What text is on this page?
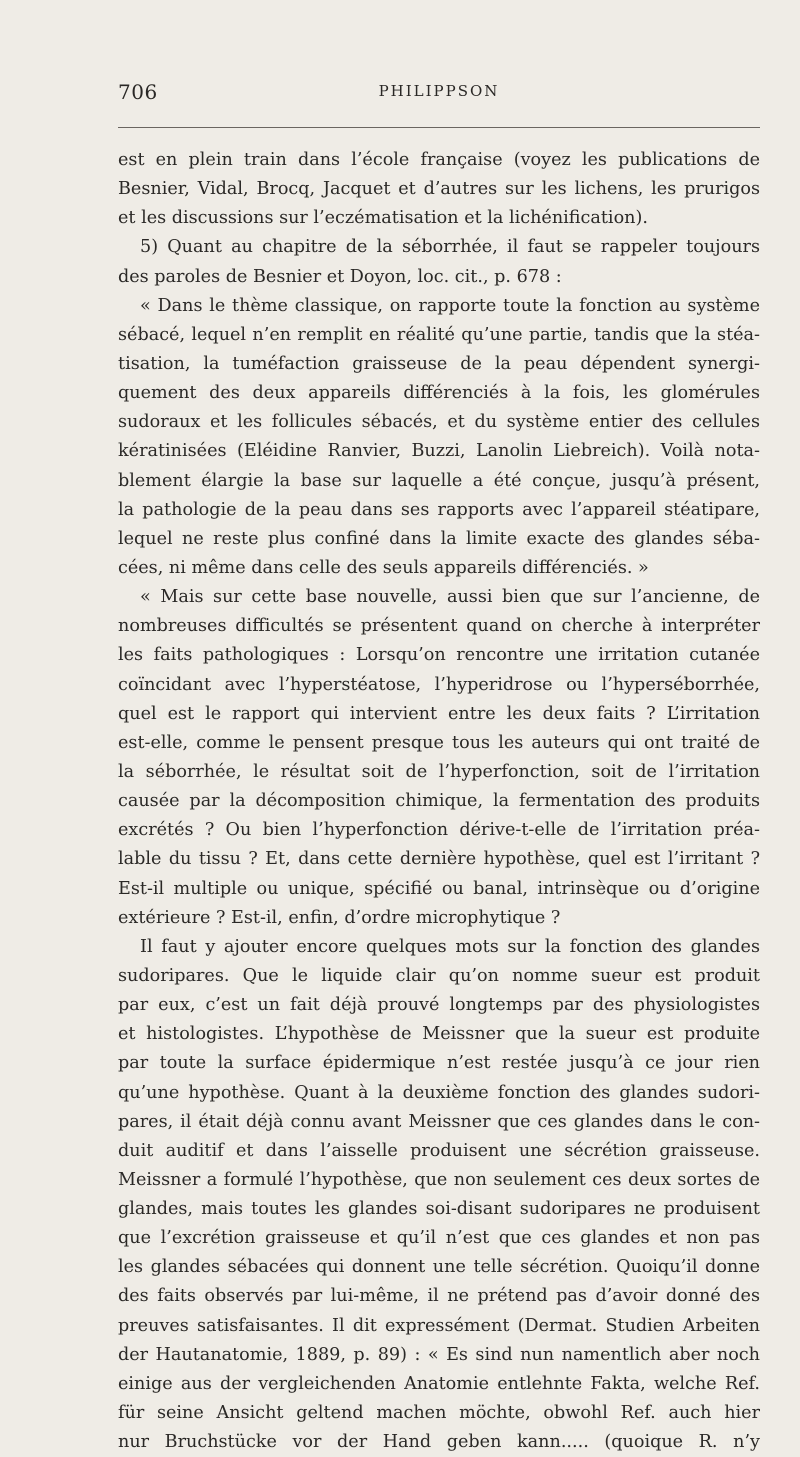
706	PHILIPPSON
est en plein train dans l’école française (voyez les publications de
Besnier, Vidal, Brocq, Jacquet et d’autres sur les lichens, les prurigos
et les discussions sur l’eczématisation et la lichénification).
5) Quant au chapitre de la séborrhée, il faut se rappeler toujours
des paroles de Besnier et Doyon, loc. cit., p. 678 :
« Dans le thème classique, on rapporte toute la fonction au système
sébacé, lequel n’en remplit en réalité qu’une partie, tandis que la stéa-
tisation, la tuméfaction graisseuse de la peau dépendent synergi-
quement des deux appareils différenciés à la fois, les glomérules
sudoraux et les follicules sébacés, et du système entier des cellules
kératinisées (Eléidine Ranvier, Buzzi, Lanolin Liebreich). Voilà nota-
blement élargie la base sur laquelle a été conçue, jusqu’à présent,
la pathologie de la peau dans ses rapports avec l’appareil stéatipare,
lequel ne reste plus confiné dans la limite exacte des glandes séba-
cées, ni même dans celle des seuls appareils différenciés. »
« Mais sur cette base nouvelle, aussi bien que sur l’ancienne, de
nombreuses difficultés se présentent quand on cherche à interpréter
les faits pathologiques : Lorsqu’on rencontre une irritation cutanée
coïncidant avec l’hyperstéatose, l’hyperidrose ou l’hyperséborrhée,
quel est le rapport qui intervient entre les deux faits ? L’irritation
est-elle, comme le pensent presque tous les auteurs qui ont traité de
la séborrhée, le résultat soit de l’hyperfonction, soit de l’irritation
causée par la décomposition chimique, la fermentation des produits
excrétés ? Ou bien l’hyperfonction dérive-t-elle de l’irritation préa-
lable du tissu ? Et, dans cette dernière hypothèse, quel est l’irritant ?
Est-il multiple ou unique, spécifié ou banal, intrinsèque ou d’origine
extérieure ? Est-il, enfin, d’ordre microphytique ?
Il faut y ajouter encore quelques mots sur la fonction des glandes
sudoripares. Que le liquide clair qu’on nomme sueur est produit
par eux, c’est un fait déjà prouvé longtemps par des physiologistes
et histologistes. L’hypothèse de Meissner que la sueur est produite
par toute la surface épidermique n’est restée jusqu’à ce jour rien
qu’une hypothèse. Quant à la deuxième fonction des glandes sudori-
pares, il était déjà connu avant Meissner que ces glandes dans le con-
duit auditif et dans l’aisselle produisent une sécrétion graisseuse.
Meissner a formulé l’hypothèse, que non seulement ces deux sortes de
glandes, mais toutes les glandes soi-disant sudoripares ne produisent
que l’excrétion graisseuse et qu’il n’est que ces glandes et non pas
les glandes sébacées qui donnent une telle sécrétion. Quoiqu’il donne
des faits observés par lui-même, il ne prétend pas d’avoir donné des
preuves satisfaisantes. Il dit expressément (Dermat. Studien Arbeiten
der Hautanatomie, 1889, p. 89) : « Es sind nun namentlich aber noch
einige aus der vergleichenden Anatomie entlehnte Fakta, welche Ref.
für seine Ansicht geltend machen möchte, obwohl Ref. auch hier
nur Bruchstücke vor der Hand geben kann..... (quoique R. n’y
